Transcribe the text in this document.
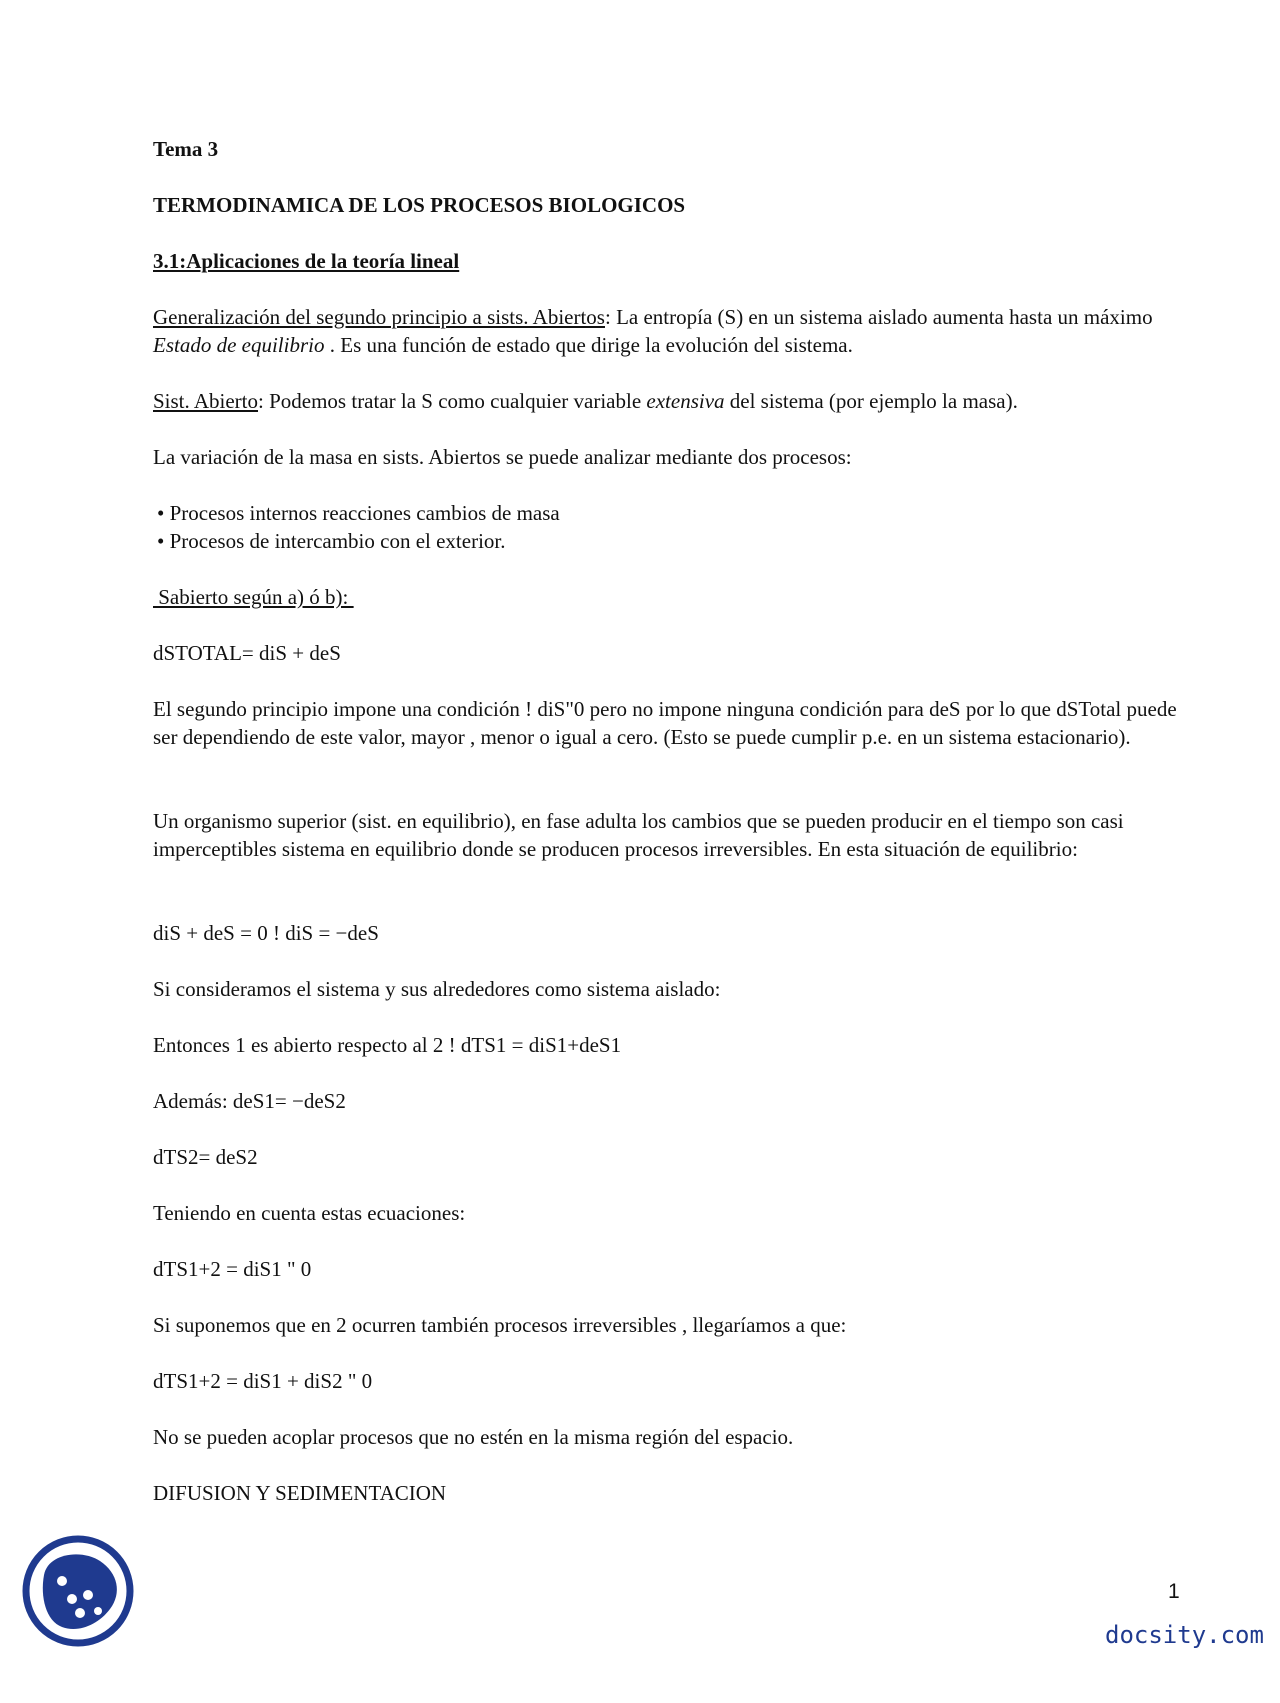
Tema 3
TERMODINAMICA DE LOS PROCESOS BIOLOGICOS
3.1:Aplicaciones de la teoría lineal
Generalización del segundo principio a sists. Abiertos: La entropía (S) en un sistema aislado aumenta hasta un máximo Estado de equilibrio . Es una función de estado que dirige la evolución del sistema.
Sist. Abierto: Podemos tratar la S como cualquier variable extensiva del sistema (por ejemplo la masa).
La variación de la masa en sists. Abiertos se puede analizar mediante dos procesos:
• Procesos internos reacciones cambios de masa
• Procesos de intercambio con el exterior.
Sabierto según a) ó b):
dSTOTAL= diS + deS
El segundo principio impone una condición ! diS"0 pero no impone ninguna condición para deS por lo que dSTotal puede ser dependiendo de este valor, mayor , menor o igual a cero. (Esto se puede cumplir p.e. en un sistema estacionario).
Un organismo superior (sist. en equilibrio), en fase adulta los cambios que se pueden producir en el tiempo son casi imperceptibles sistema en equilibrio donde se producen procesos irreversibles. En esta situación de equilibrio:
diS + deS = 0 ! diS = −deS
Si consideramos el sistema y sus alrededores como sistema aislado:
Entonces 1 es abierto respecto al 2 ! dTS1 = diS1+deS1
Además: deS1= −deS2
dTS2= deS2
Teniendo en cuenta estas ecuaciones:
dTS1+2 = diS1 " 0
Si suponemos que en 2 ocurren también procesos irreversibles , llegaríamos a que:
dTS1+2 = diS1 + diS2 " 0
No se pueden acoplar procesos que no estén en la misma región del espacio.
DIFUSION Y SEDIMENTACION
1
docsity.com
